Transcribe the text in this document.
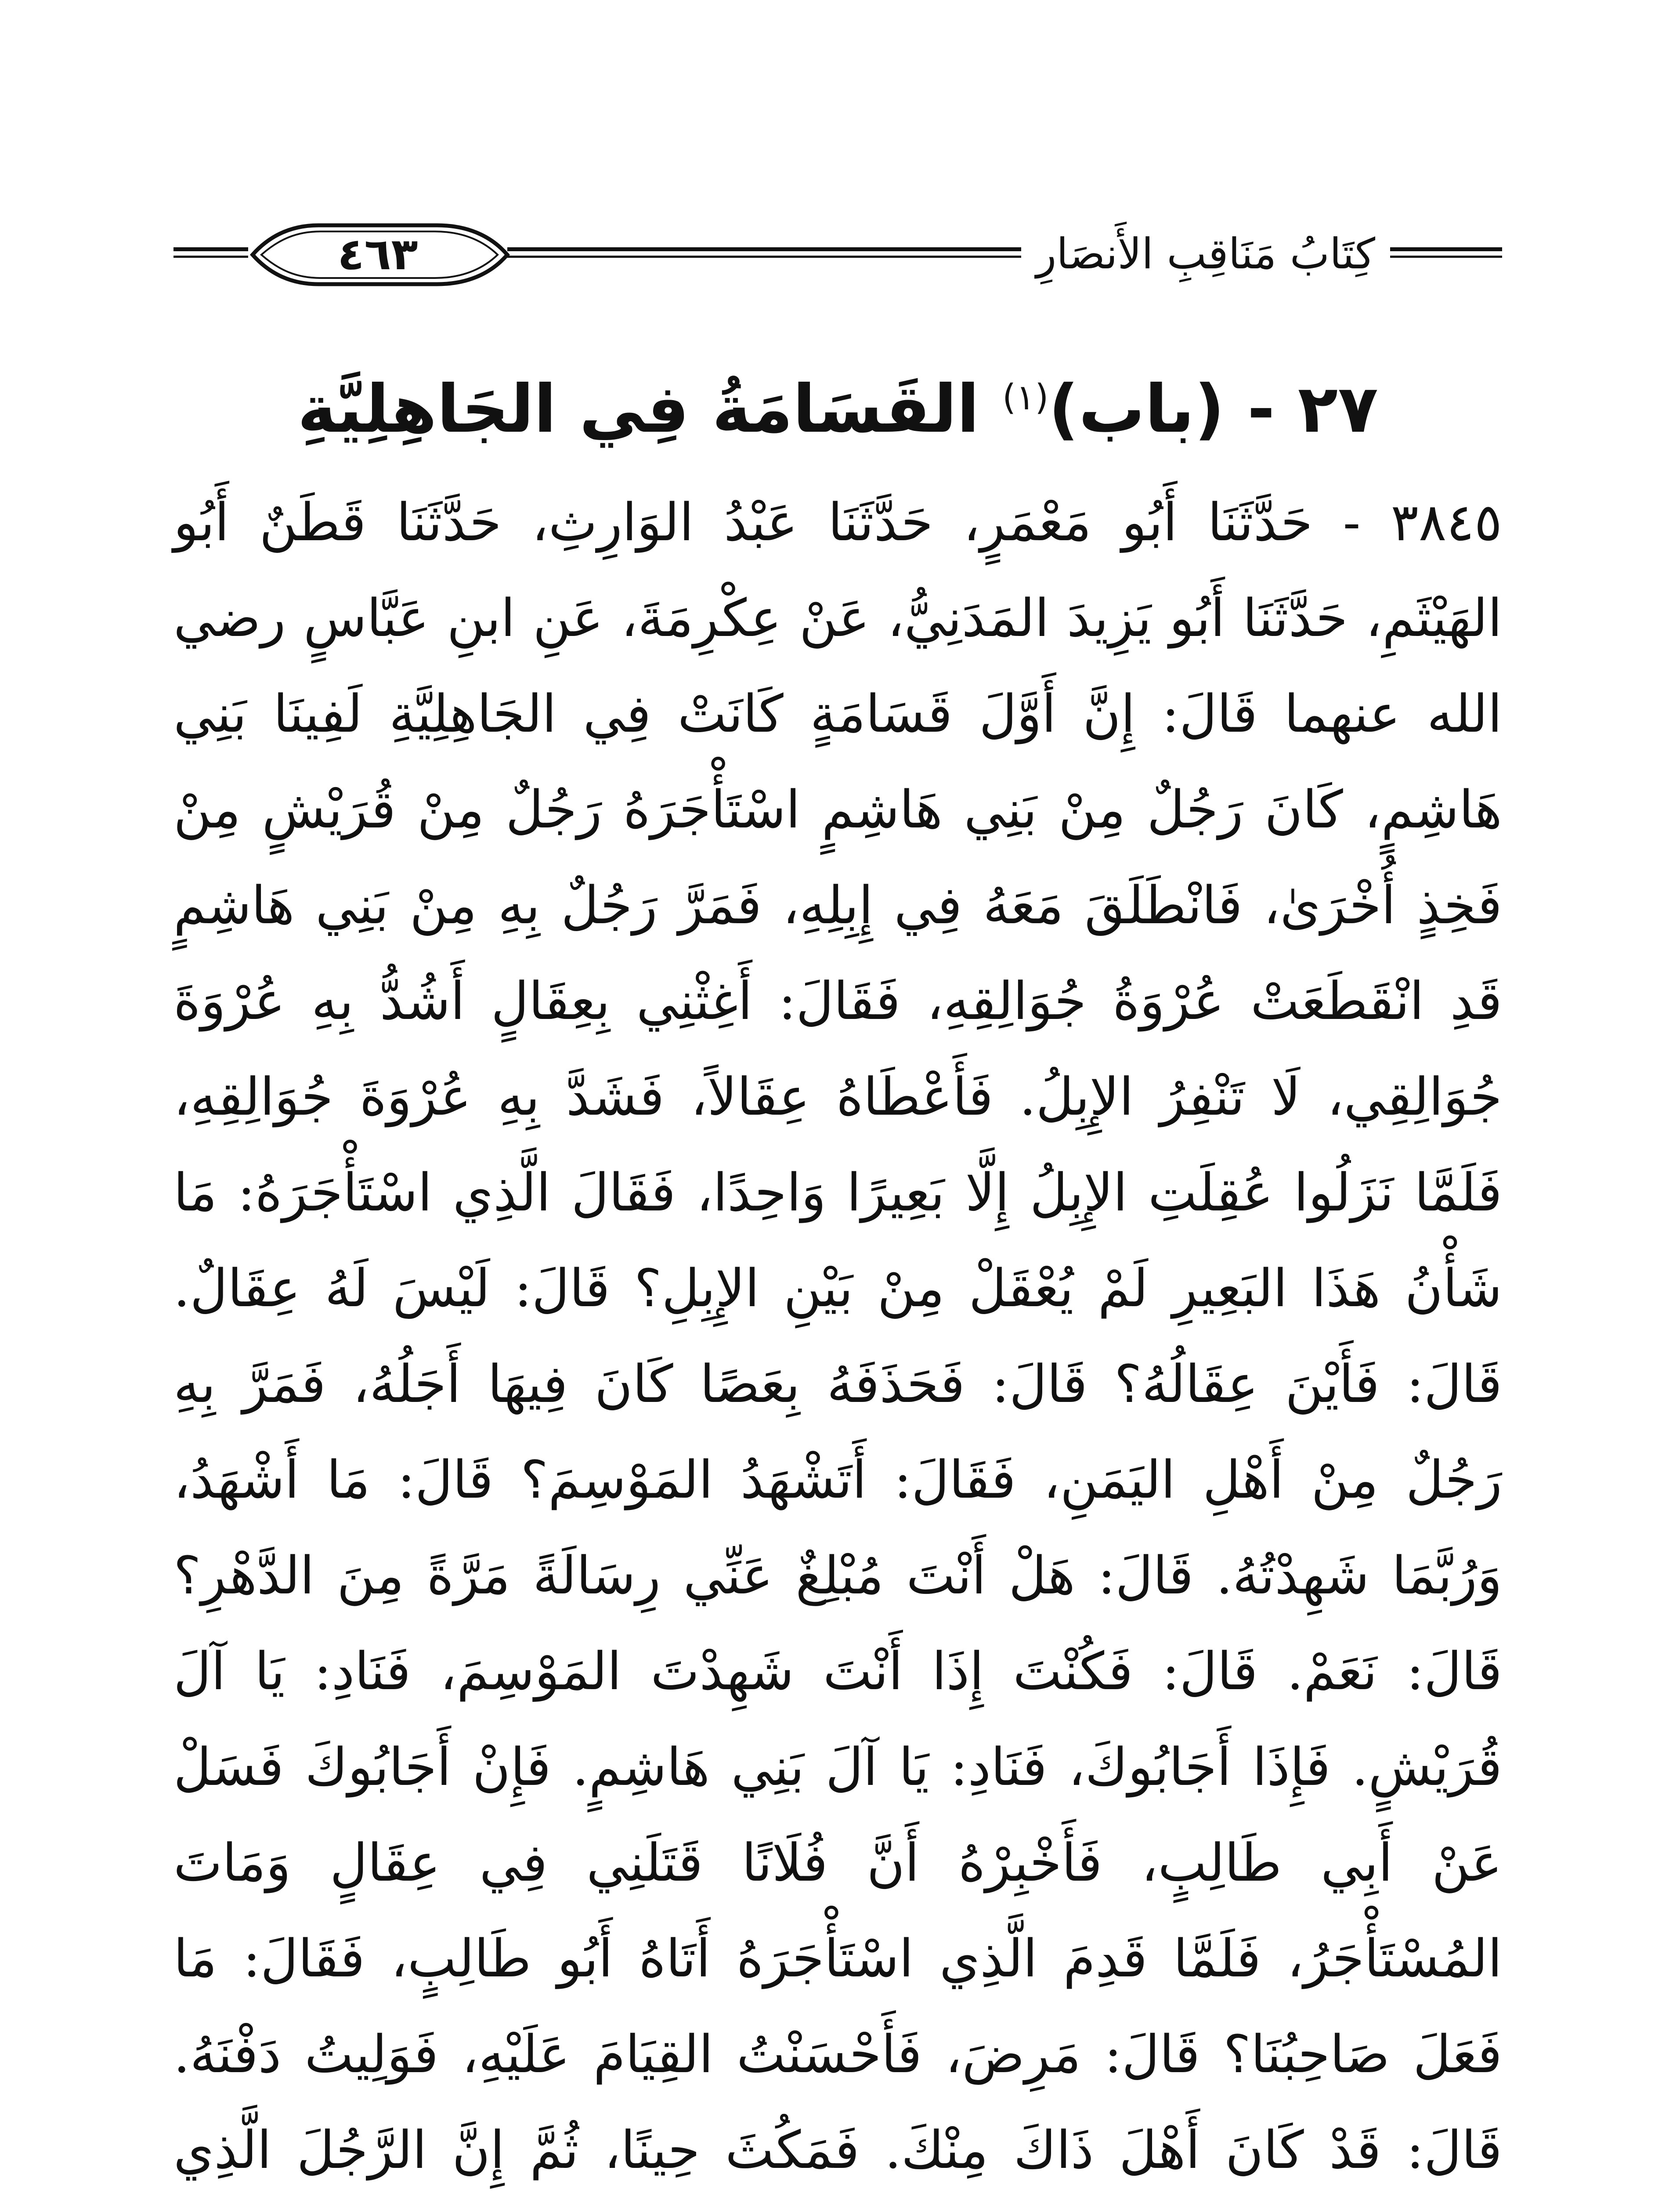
٤٦٣	كِتَابُ مَنَاقِبِ الأَنصَارِ
٢٧ - (باب)$^{(١)}$ القَسَامَةُ فِي الجَاهِلِيَّةِ

٣٨٤٥ - حَدَّثَنَا أَبُو مَعْمَرٍ، حَدَّثَنَا عَبْدُ الوَارِثِ، حَدَّثَنَا قَطَنٌ أَبُو الهَيْثَمِ، حَدَّثَنَا أَبُو يَزِيدَ المَدَنِيُّ، عَنْ عِكْرِمَةَ، عَنِ ابنِ عَبَّاسٍ رضي الله عنهما قَالَ: إِنَّ أَوَّلَ قَسَامَةٍ كَانَتْ فِي الجَاهِلِيَّةِ لَفِينَا بَنِي هَاشِمٍ، كَانَ رَجُلٌ مِنْ بَنِي هَاشِمٍ اسْتَأْجَرَهُ رَجُلٌ مِنْ قُرَيْشٍ مِنْ فَخِذٍ أُخْرَىٰ، فَانْطَلَقَ مَعَهُ فِي إِبِلِهِ، فَمَرَّ رَجُلٌ بِهِ مِنْ بَنِي هَاشِمٍ قَدِ انْقَطَعَتْ عُرْوَةُ جُوَالِقِهِ، فَقَالَ: أَغِثْنِي بِعِقَالٍ أَشُدُّ بِهِ عُرْوَةَ جُوَالِقِي، لَا تَنْفِرُ الإِبِلُ. فَأَعْطَاهُ عِقَالاً، فَشَدَّ بِهِ عُرْوَةَ جُوَالِقِهِ، فَلَمَّا نَزَلُوا عُقِلَتِ الإِبِلُ إِلَّا بَعِيرًا وَاحِدًا، فَقَالَ الَّذِي اسْتَأْجَرَهُ: مَا شَأْنُ هَذَا البَعِيرِ لَمْ يُعْقَلْ مِنْ بَيْنِ الإِبِلِ؟ قَالَ: لَيْسَ لَهُ عِقَالٌ. قَالَ: فَأَيْنَ عِقَالُهُ؟ قَالَ: فَحَذَفَهُ بِعَصًا كَانَ فِيهَا أَجَلُهُ، فَمَرَّ بِهِ رَجُلٌ مِنْ أَهْلِ اليَمَنِ، فَقَالَ: أَتَشْهَدُ المَوْسِمَ؟ قَالَ: مَا أَشْهَدُ، وَرُبَّمَا شَهِدْتُهُ. قَالَ: هَلْ أَنْتَ مُبْلِغٌ عَنِّي رِسَالَةً مَرَّةً مِنَ الدَّهْرِ؟ قَالَ: نَعَمْ. قَالَ: فَكُنْتَ إِذَا أَنْتَ شَهِدْتَ المَوْسِمَ، فَنَادِ: يَا آلَ قُرَيْشٍ. فَإِذَا أَجَابُوكَ، فَنَادِ: يَا آلَ بَنِي هَاشِمٍ. فَإِنْ أَجَابُوكَ فَسَلْ عَنْ أَبِي طَالِبٍ، فَأَخْبِرْهُ أَنَّ فُلَانًا قَتَلَنِي فِي عِقَالٍ وَمَاتَ المُسْتَأْجَرُ، فَلَمَّا قَدِمَ الَّذِي اسْتَأْجَرَهُ أَتَاهُ أَبُو طَالِبٍ، فَقَالَ: مَا فَعَلَ صَاحِبُنَا؟ قَالَ: مَرِضَ، فَأَحْسَنْتُ القِيَامَ عَلَيْهِ، فَوَلِيتُ دَفْنَهُ. قَالَ: قَدْ كَانَ أَهْلَ ذَاكَ مِنْكَ. فَمَكُثَ حِينًا، ثُمَّ إِنَّ الرَّجُلَ الَّذِي
